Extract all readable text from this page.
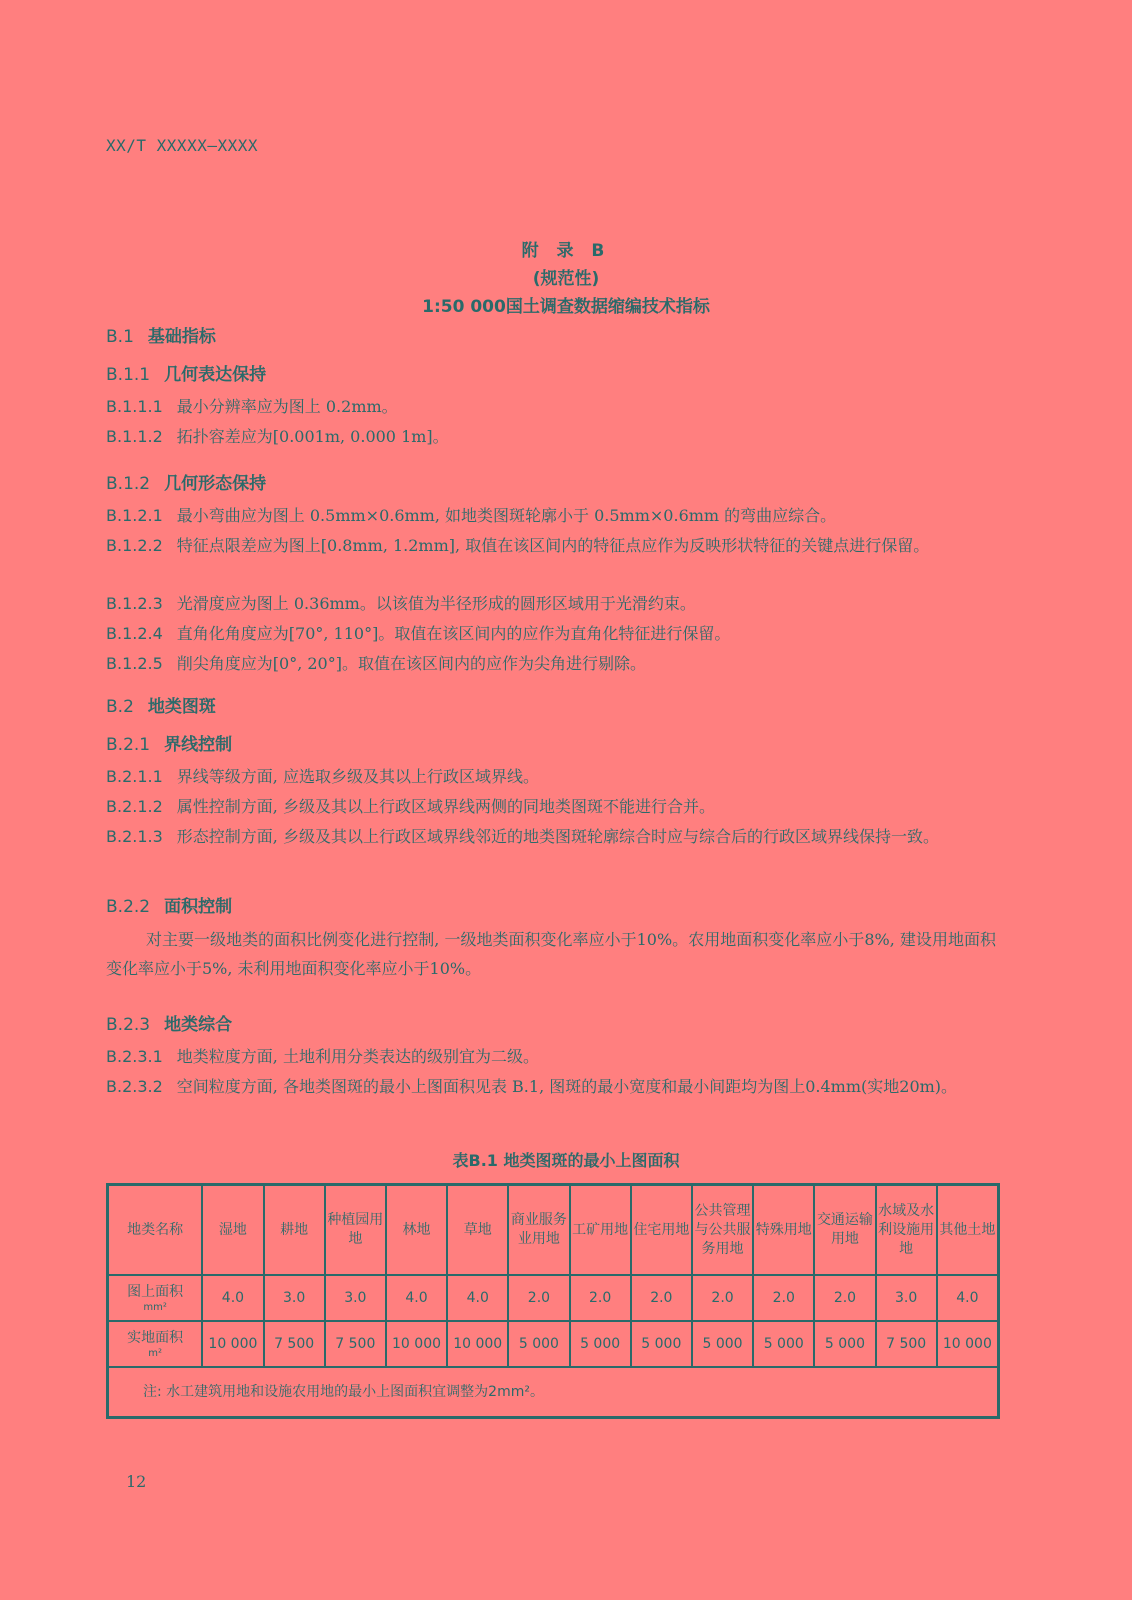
XX/T XXXXX—XXXX
附 录 B
(规范性)
1:50 000国土调查数据缩编技术指标
B.1 基础指标
B.1.1 几何表达保持
B.1.1.1 最小分辨率应为图上 0.2mm。
B.1.1.2 拓扑容差应为[0.001m, 0.000 1m]。
B.1.2 几何形态保持
B.1.2.1 最小弯曲应为图上 0.5mm×0.6mm, 如地类图斑轮廓小于 0.5mm×0.6mm 的弯曲应综合。
B.1.2.2 特征点限差应为图上[0.8mm, 1.2mm], 取值在该区间内的特征点应作为反映形状特征的关键点进行保留。
B.1.2.3 光滑度应为图上 0.36mm。以该值为半径形成的圆形区域用于光滑约束。
B.1.2.4 直角化角度应为[70°, 110°]。取值在该区间内的应作为直角化特征进行保留。
B.1.2.5 削尖角度应为[0°, 20°]。取值在该区间内的应作为尖角进行剔除。
B.2 地类图斑
B.2.1 界线控制
B.2.1.1 界线等级方面, 应选取乡级及其以上行政区域界线。
B.2.1.2 属性控制方面, 乡级及其以上行政区域界线两侧的同地类图斑不能进行合并。
B.2.1.3 形态控制方面, 乡级及其以上行政区域界线邻近的地类图斑轮廓综合时应与综合后的行政区域界线保持一致。
B.2.2 面积控制
对主要一级地类的面积比例变化进行控制, 一级地类面积变化率应小于10%。农用地面积变化率应小于8%, 建设用地面积变化率应小于5%, 未利用地面积变化率应小于10%。
B.2.3 地类综合
B.2.3.1 地类粒度方面, 土地利用分类表达的级别宜为二级。
B.2.3.2 空间粒度方面, 各地类图斑的最小上图面积见表 B.1, 图斑的最小宽度和最小间距均为图上0.4mm(实地20m)。
表B.1 地类图斑的最小上图面积
地类名称	湿地	耕地	种植园用地	林地	草地	商业服务业用地	工矿用地	住宅用地	公共管理与公共服务用地	特殊用地	交通运输用地	水域及水利设施用地	其他土地

图上面积
mm²	4.0	3.0	3.0	4.0	4.0	2.0	2.0	2.0	2.0	2.0	2.0	3.0	4.0

实地面积
m²	10 000	7 500	7 500	10 000	10 000	5 000	5 000	5 000	5 000	5 000	5 000	7 500	10 000
注: 水工建筑用地和设施农用地的最小上图面积宜调整为2mm²。													
12
